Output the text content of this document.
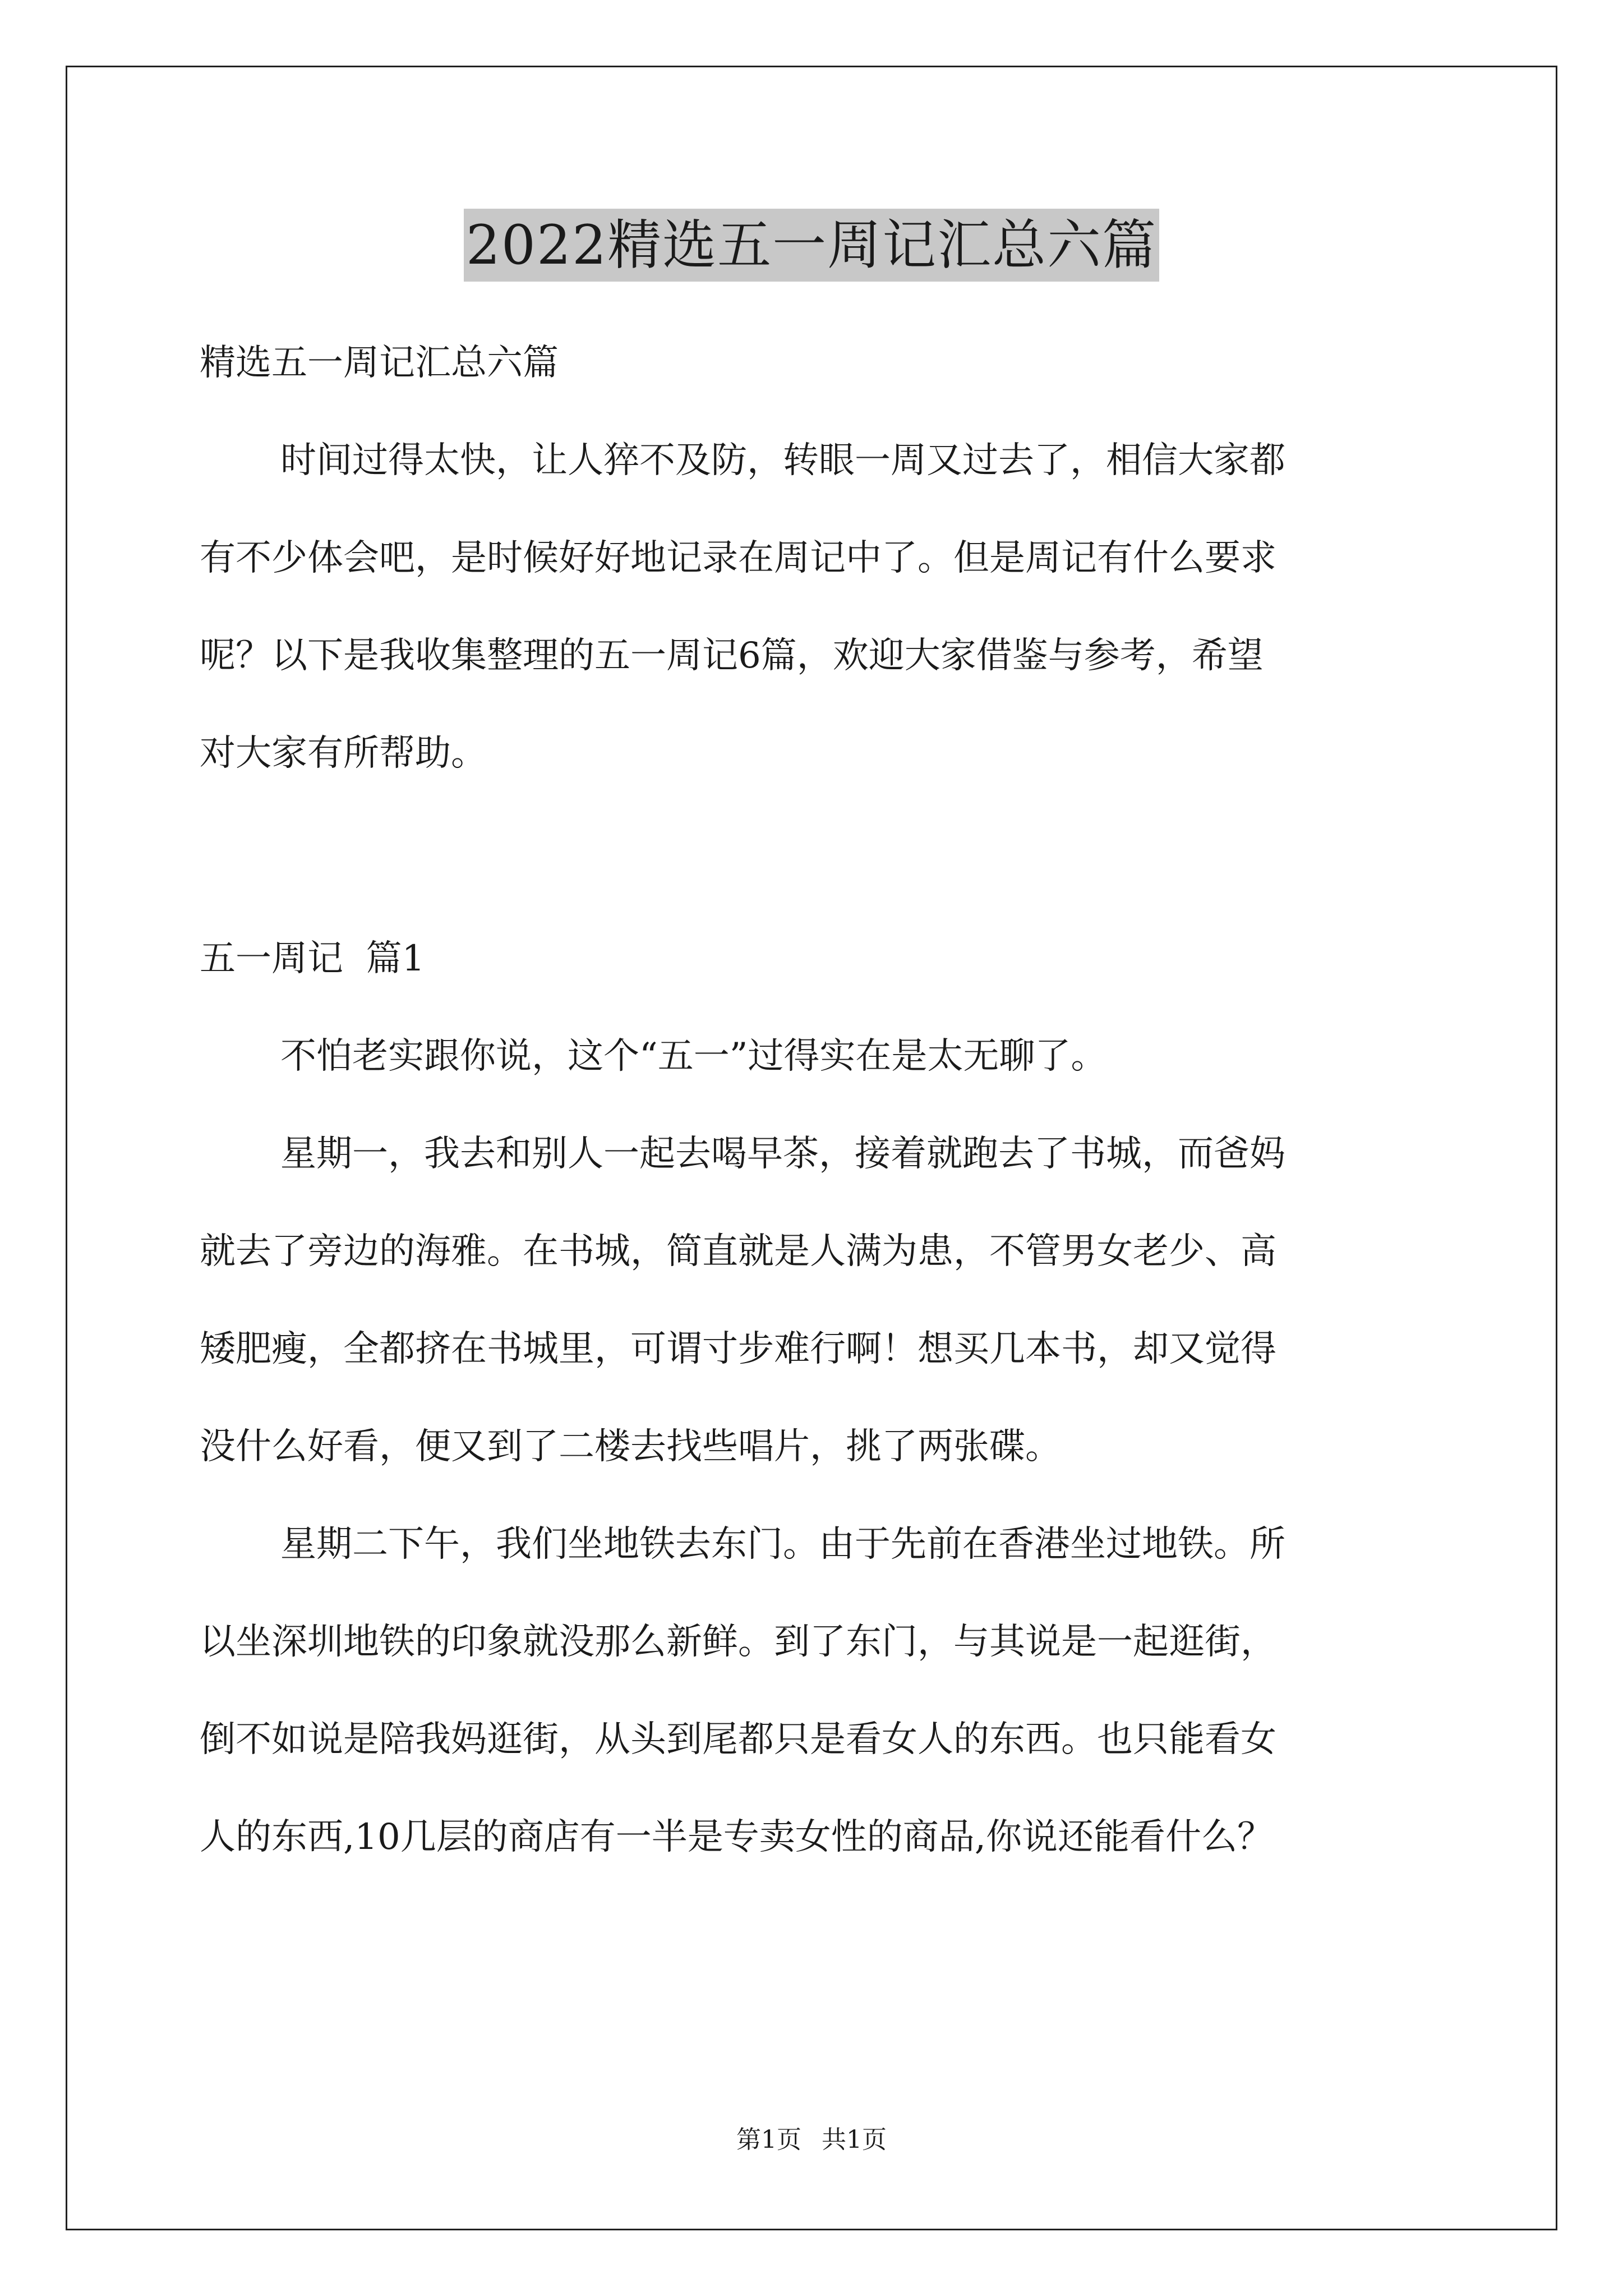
2022精选五一周记汇总六篇
精选五一周记汇总六篇
时间过得太快，让人猝不及防，转眼一周又过去了，相信大家都
有不少体会吧，是时候好好地记录在周记中了。但是周记有什么要求
呢？以下是我收集整理的五一周记6篇，欢迎大家借鉴与参考，希望
对大家有所帮助。
五一周记  篇1
不怕老实跟你说，这个“五一”过得实在是太无聊了。
星期一，我去和别人一起去喝早茶，接着就跑去了书城，而爸妈
就去了旁边的海雅。在书城，简直就是人满为患，不管男女老少、高
矮肥瘦，全都挤在书城里，可谓寸步难行啊！想买几本书，却又觉得
没什么好看，便又到了二楼去找些唱片，挑了两张碟。
星期二下午，我们坐地铁去东门。由于先前在香港坐过地铁。所
以坐深圳地铁的印象就没那么新鲜。到了东门，与其说是一起逛街，
倒不如说是陪我妈逛街，从头到尾都只是看女人的东西。也只能看女
人的东西,10几层的商店有一半是专卖女性的商品,你说还能看什么？
第1页 共1页
